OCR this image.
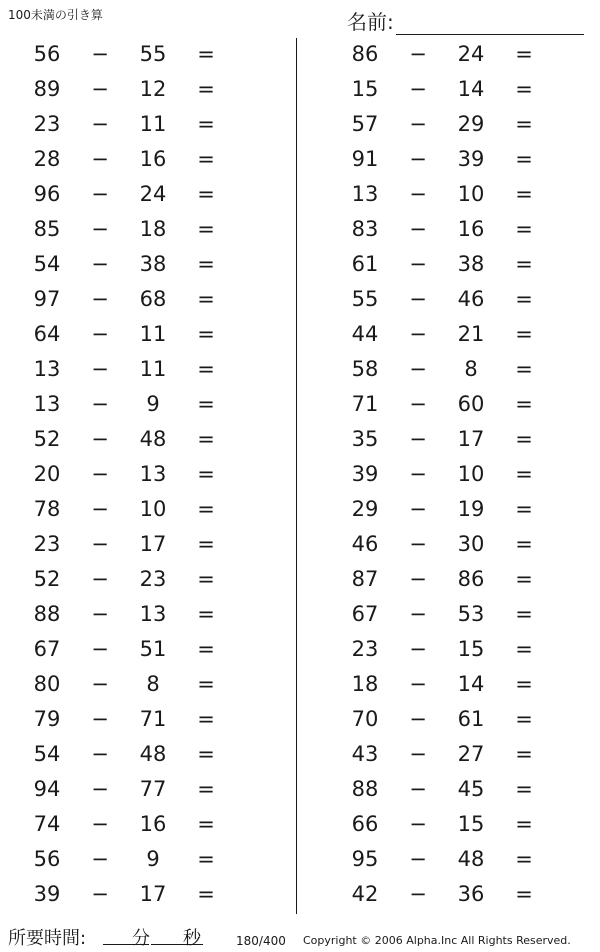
100未満の引き算	名前:
56	−	55	=
89	−	12	=
23	−	11	=
28	−	16	=
96	−	24	=
85	−	18	=
54	−	38	=
97	−	68	=
64	−	11	=
13	−	11	=
13	−	9	=
52	−	48	=
20	−	13	=
78	−	10	=
23	−	17	=
52	−	23	=
88	−	13	=
67	−	51	=
80	−	8	=
79	−	71	=
54	−	48	=
94	−	77	=
74	−	16	=
56	−	9	=
39	−	17	=
86	−	24	=
15	−	14	=
57	−	29	=
91	−	39	=
13	−	10	=
83	−	16	=
61	−	38	=
55	−	46	=
44	−	21	=
58	−	8	=
71	−	60	=
35	−	17	=
39	−	10	=
29	−	19	=
46	−	30	=
87	−	86	=
67	−	53	=
23	−	15	=
18	−	14	=
70	−	61	=
43	−	27	=
88	−	45	=
66	−	15	=
95	−	48	=
42	−	36	=
所要時間:	分 秒	180/400 Copyright © 2006 Alpha.Inc All Rights Reserved.
